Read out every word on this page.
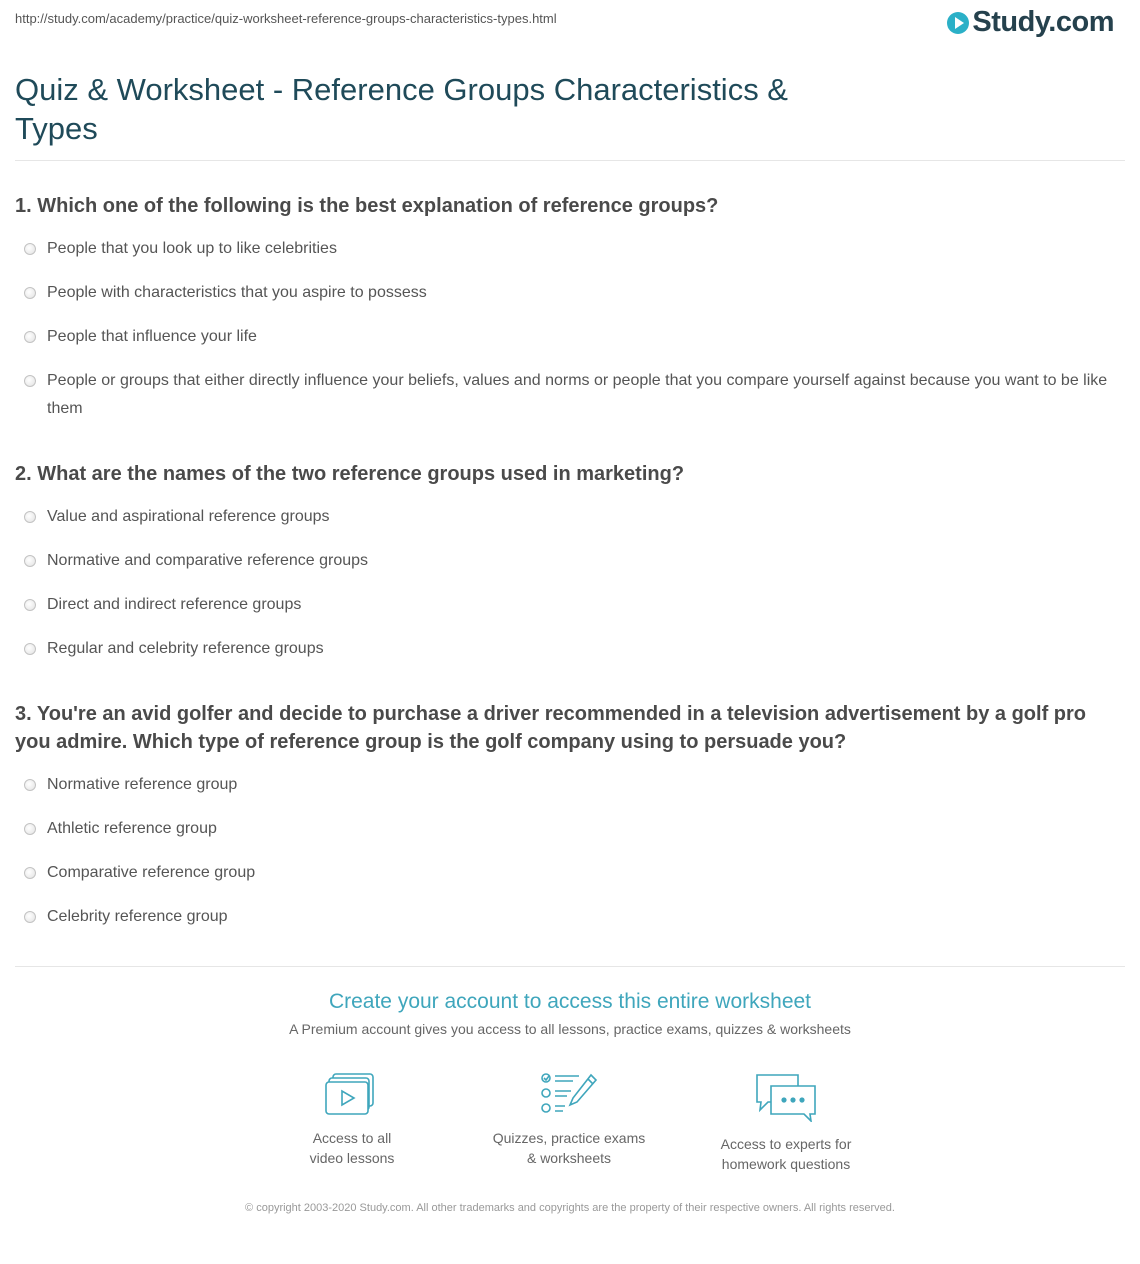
http://study.com/academy/practice/quiz-worksheet-reference-groups-characteristics-types.html	Study.com
Quiz & Worksheet - Reference Groups Characteristics & Types
1. Which one of the following is the best explanation of reference groups?
People that you look up to like celebrities
People with characteristics that you aspire to possess
People that influence your life
People or groups that either directly influence your beliefs, values and norms or people that you compare yourself against because you want to be like them
2. What are the names of the two reference groups used in marketing?
Value and aspirational reference groups
Normative and comparative reference groups
Direct and indirect reference groups
Regular and celebrity reference groups
3. You're an avid golfer and decide to purchase a driver recommended in a television advertisement by a golf pro you admire. Which type of reference group is the golf company using to persuade you?
Normative reference group
Athletic reference group
Comparative reference group
Celebrity reference group
Create your account to access this entire worksheet
A Premium account gives you access to all lessons, practice exams, quizzes & worksheets
Access to all
video lessons
Quizzes, practice exams
& worksheets
Access to experts for
homework questions
© copyright 2003-2020 Study.com. All other trademarks and copyrights are the property of their respective owners. All rights reserved.
